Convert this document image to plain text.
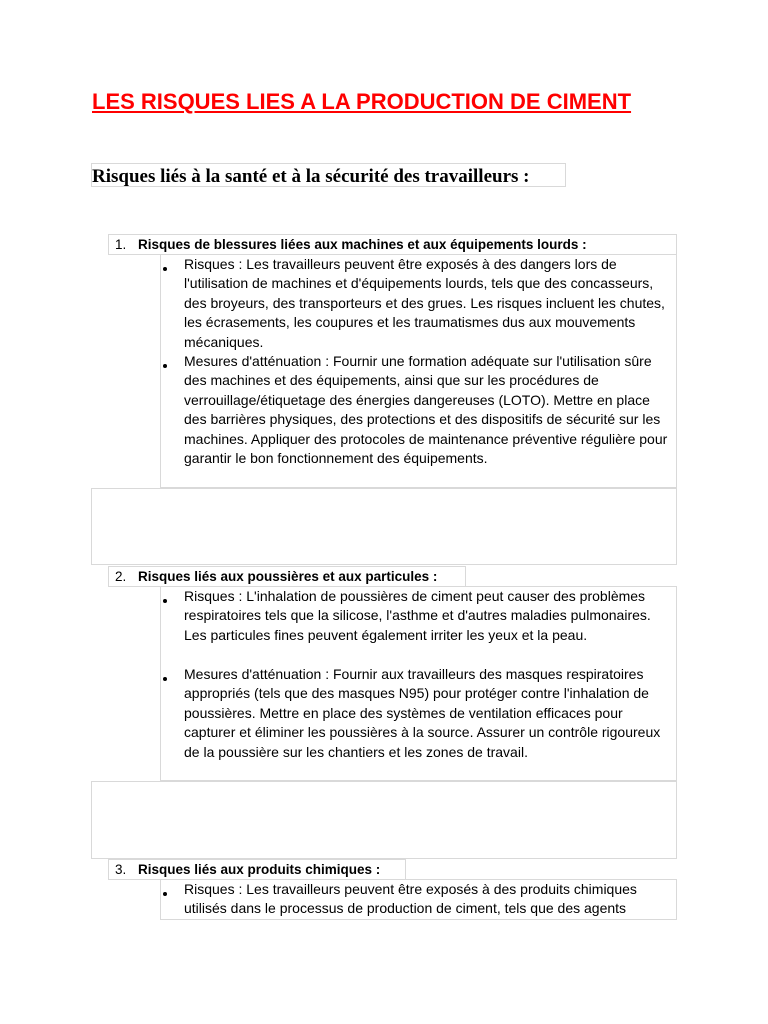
LES RISQUES LIES A LA PRODUCTION DE CIMENT
Risques liés à la santé et à la sécurité des travailleurs :
1. Risques de blessures liées aux machines et aux équipements lourds :

Risques : Les travailleurs peuvent être exposés à des dangers lors de l'utilisation de machines et d'équipements lourds, tels que des concasseurs, des broyeurs, des transporteurs et des grues. Les risques incluent les chutes, les écrasements, les coupures et les traumatismes dus aux mouvements mécaniques.

Mesures d'atténuation : Fournir une formation adéquate sur l'utilisation sûre des machines et des équipements, ainsi que sur les procédures de verrouillage/étiquetage des énergies dangereuses (LOTO). Mettre en place des barrières physiques, des protections et des dispositifs de sécurité sur les machines. Appliquer des protocoles de maintenance préventive régulière pour garantir le bon fonctionnement des équipements.

2. Risques liés aux poussières et aux particules :

Risques : L'inhalation de poussières de ciment peut causer des problèmes respiratoires tels que la silicose, l'asthme et d'autres maladies pulmonaires. Les particules fines peuvent également irriter les yeux et la peau.

Mesures d'atténuation : Fournir aux travailleurs des masques respiratoires appropriés (tels que des masques N95) pour protéger contre l'inhalation de poussières. Mettre en place des systèmes de ventilation efficaces pour capturer et éliminer les poussières à la source. Assurer un contrôle rigoureux de la poussière sur les chantiers et les zones de travail.

3. Risques liés aux produits chimiques :

Risques : Les travailleurs peuvent être exposés à des produits chimiques utilisés dans le processus de production de ciment, tels que des agents
